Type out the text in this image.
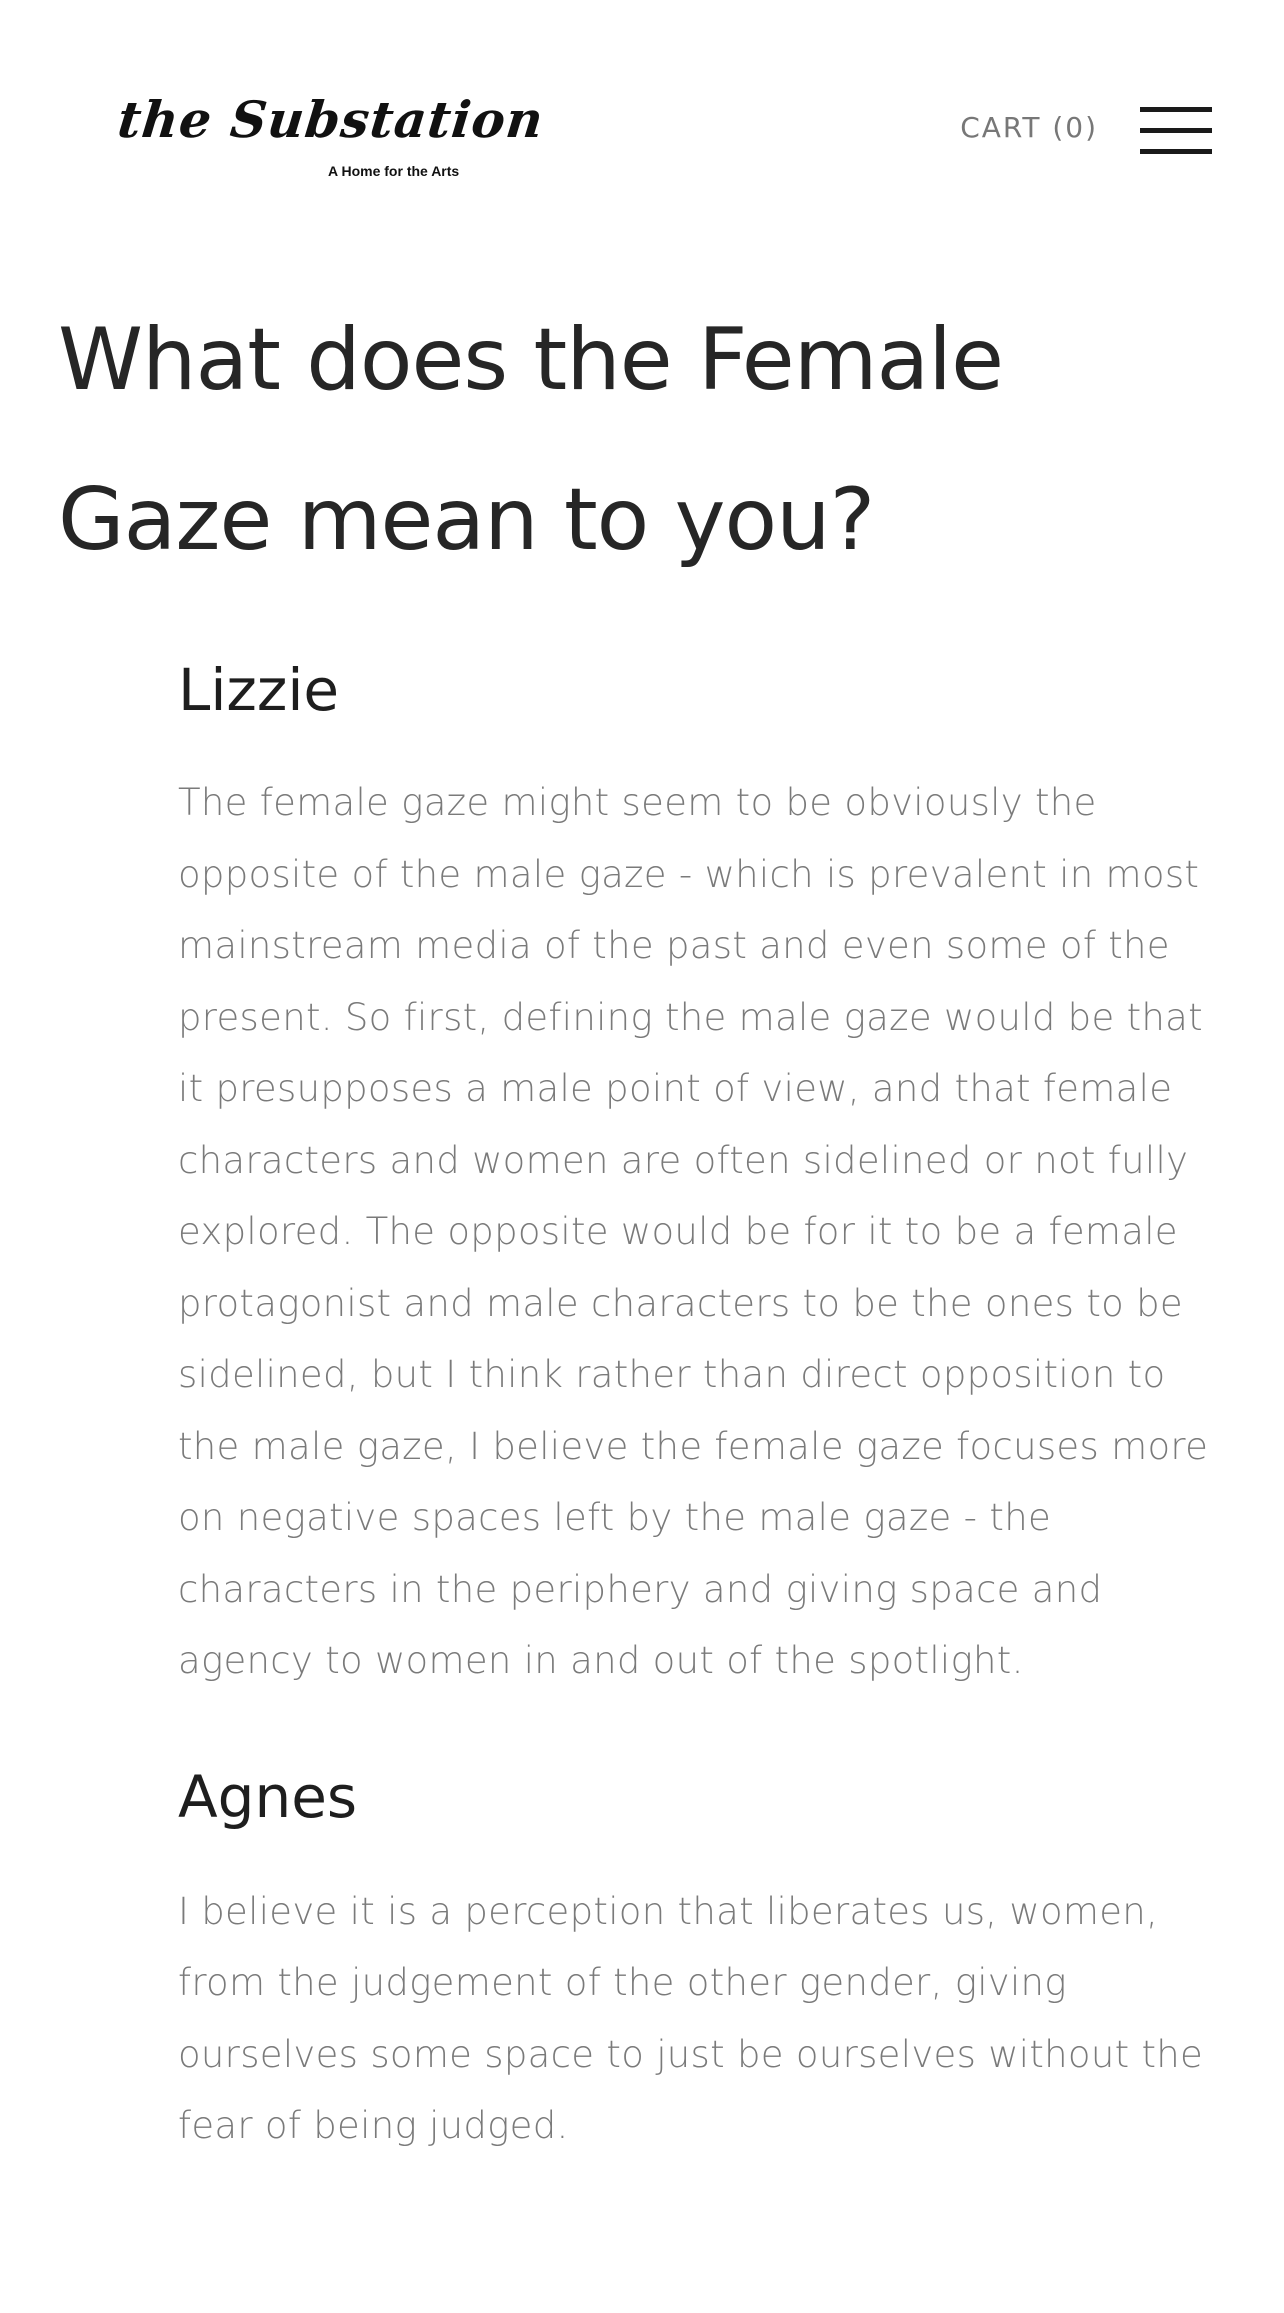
the Substation
A Home for the Arts
CART (0)
What does the Female Gaze mean to you?
Lizzie

The female gaze might seem to be obviously the opposite of the male gaze - which is prevalent in most mainstream media of the past and even some of the present. So first, defining the male gaze would be that it presupposes a male point of view, and that female characters and women are often sidelined or not fully explored. The opposite would be for it to be a female protagonist and male characters to be the ones to be sidelined, but I think rather than direct opposition to the male gaze, I believe the female gaze focuses more on negative spaces left by the male gaze - the characters in the periphery and giving space and agency to women in and out of the spotlight.

Agnes

I believe it is a perception that liberates us, women, from the judgement of the other gender, giving ourselves some space to just be ourselves without the fear of being judged.
